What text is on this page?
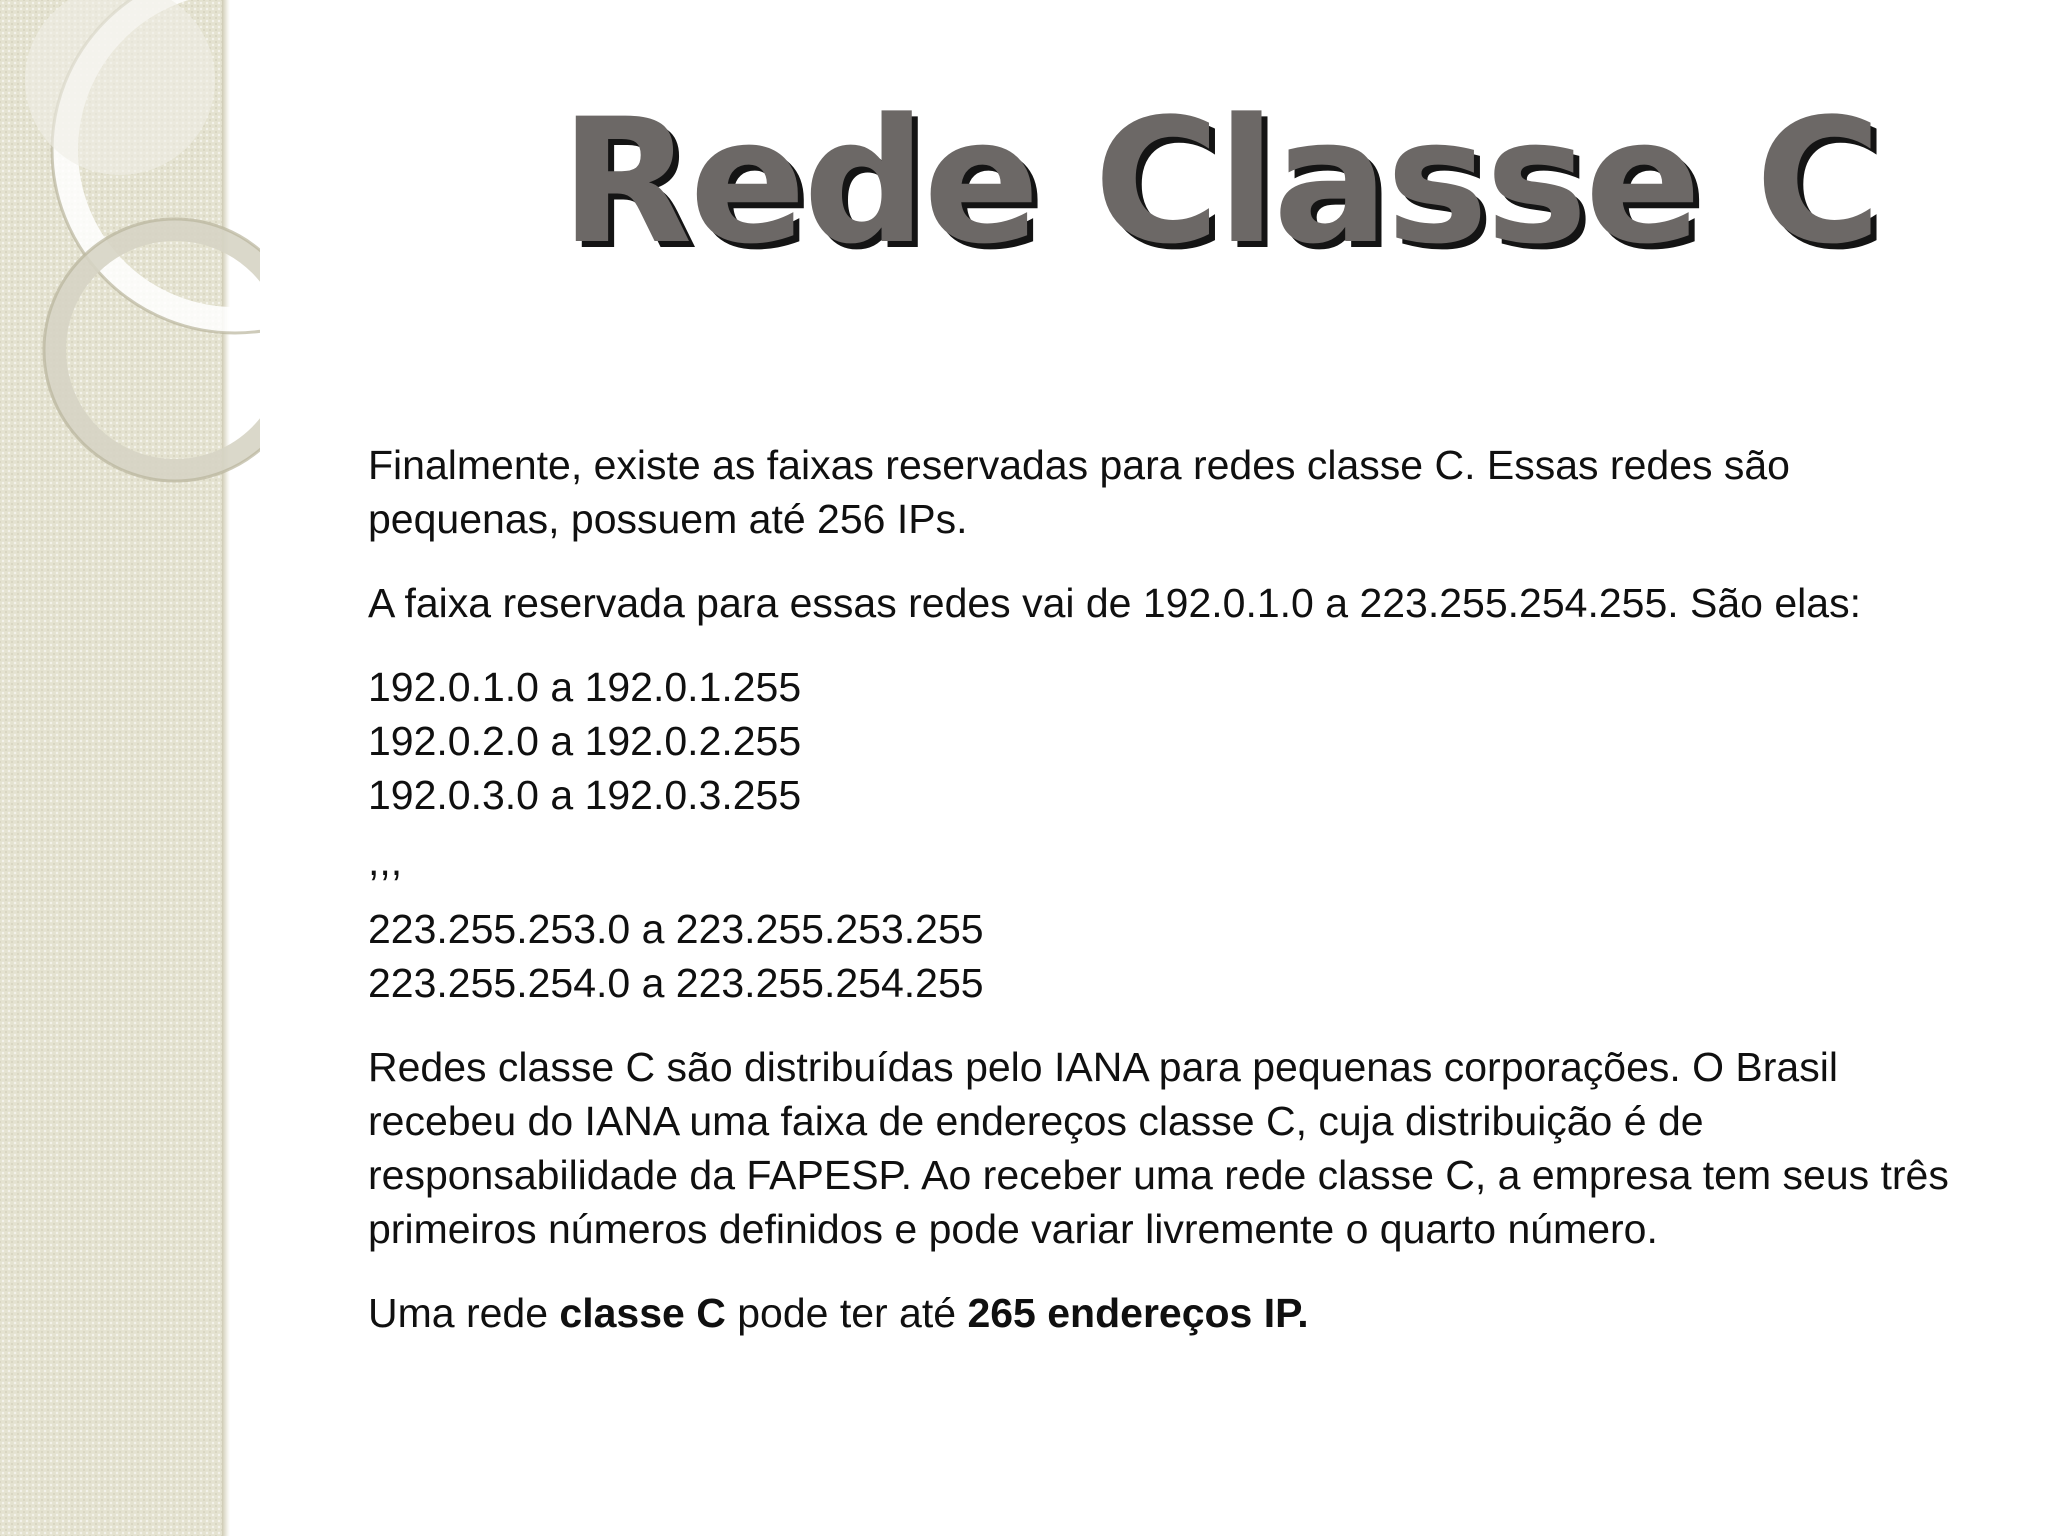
Rede Classe C

Finalmente, existe as faixas reservadas para redes classe C. Essas redes são pequenas, possuem até 256 IPs.

A faixa reservada para essas redes vai de 192.0.1.0 a 223.255.254.255. São elas:

192.0.1.0 a 192.0.1.255
192.0.2.0 a 192.0.2.255
192.0.3.0 a 192.0.3.255
,,,
223.255.253.0 a 223.255.253.255
223.255.254.0 a 223.255.254.255

Redes classe C são distribuídas pelo IANA para pequenas corporações. O Brasil recebeu do IANA uma faixa de endereços classe C, cuja distribuição é de responsabilidade da FAPESP. Ao receber uma rede classe C, a empresa tem seus três primeiros números definidos e pode variar livremente o quarto número.

Uma rede classe C pode ter até 265 endereços IP.
